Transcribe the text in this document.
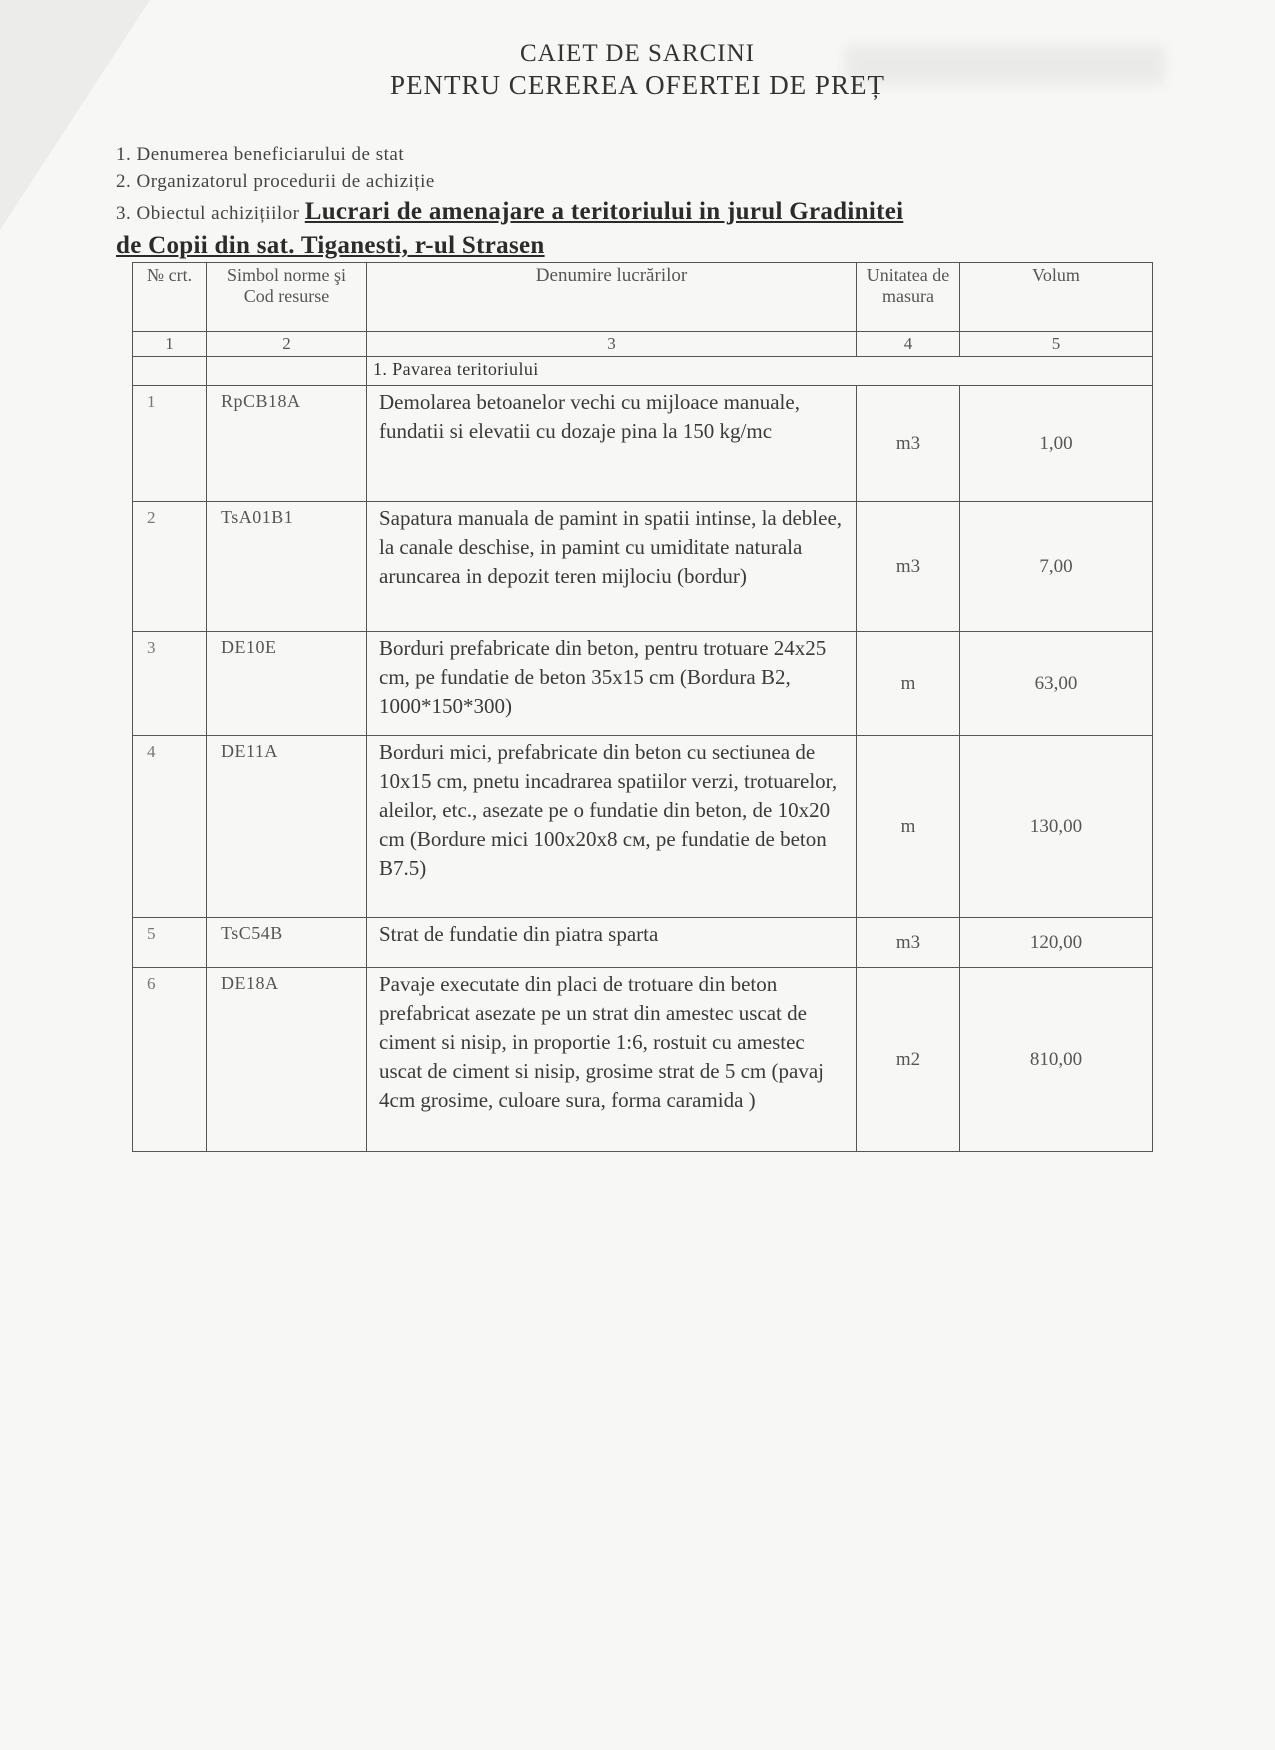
CAIET DE SARCINI
PENTRU CEREREA OFERTEI DE PREȚ
1. Denumerea beneficiarului de stat
2. Organizatorul procedurii de achiziție
3. Obiectul achizițiilor Lucrari de amenajare a teritoriului in jurul Gradinitei
de Copii din sat. Tiganesti, r-ul Strasen
№ crt.	Simbol norme şi Cod resurse	Denumire lucrărilor	Unitatea de masura	Volum
1	2	3	4	5
		1. Pavarea teritoriului		
1	RpCB18A	Demolarea betoanelor vechi cu mijloace manuale, fundatii si elevatii cu dozaje pina la 150 kg/mc	m3	1,00
2	TsA01B1	Sapatura manuala de pamint in spatii intinse, la deblee, la canale deschise, in pamint cu umiditate naturala aruncarea in depozit teren mijlociu (bordur)	m3	7,00
3	DE10E	Borduri prefabricate din beton, pentru trotuare 24x25 cm, pe fundatie de beton 35x15 cm (Bordura B2, 1000*150*300)	m	63,00
4	DE11A	Borduri mici, prefabricate din beton cu sectiunea de 10x15 cm, pnetu incadrarea spatiilor verzi, trotuarelor, aleilor, etc., asezate pe o fundatie din beton, de 10x20 cm (Bordure mici 100x20x8 см, pe fundatie de beton B7.5)	m	130,00
5	TsC54B	Strat de fundatie din piatra sparta	m3	120,00
6	DE18A	Pavaje executate din placi de trotuare din beton prefabricat asezate pe un strat din amestec uscat de ciment si nisip, in proportie 1:6, rostuit cu amestec uscat de ciment si nisip, grosime strat de 5 cm (pavaj 4cm grosime, culoare sura, forma caramida )	m2	810,00
